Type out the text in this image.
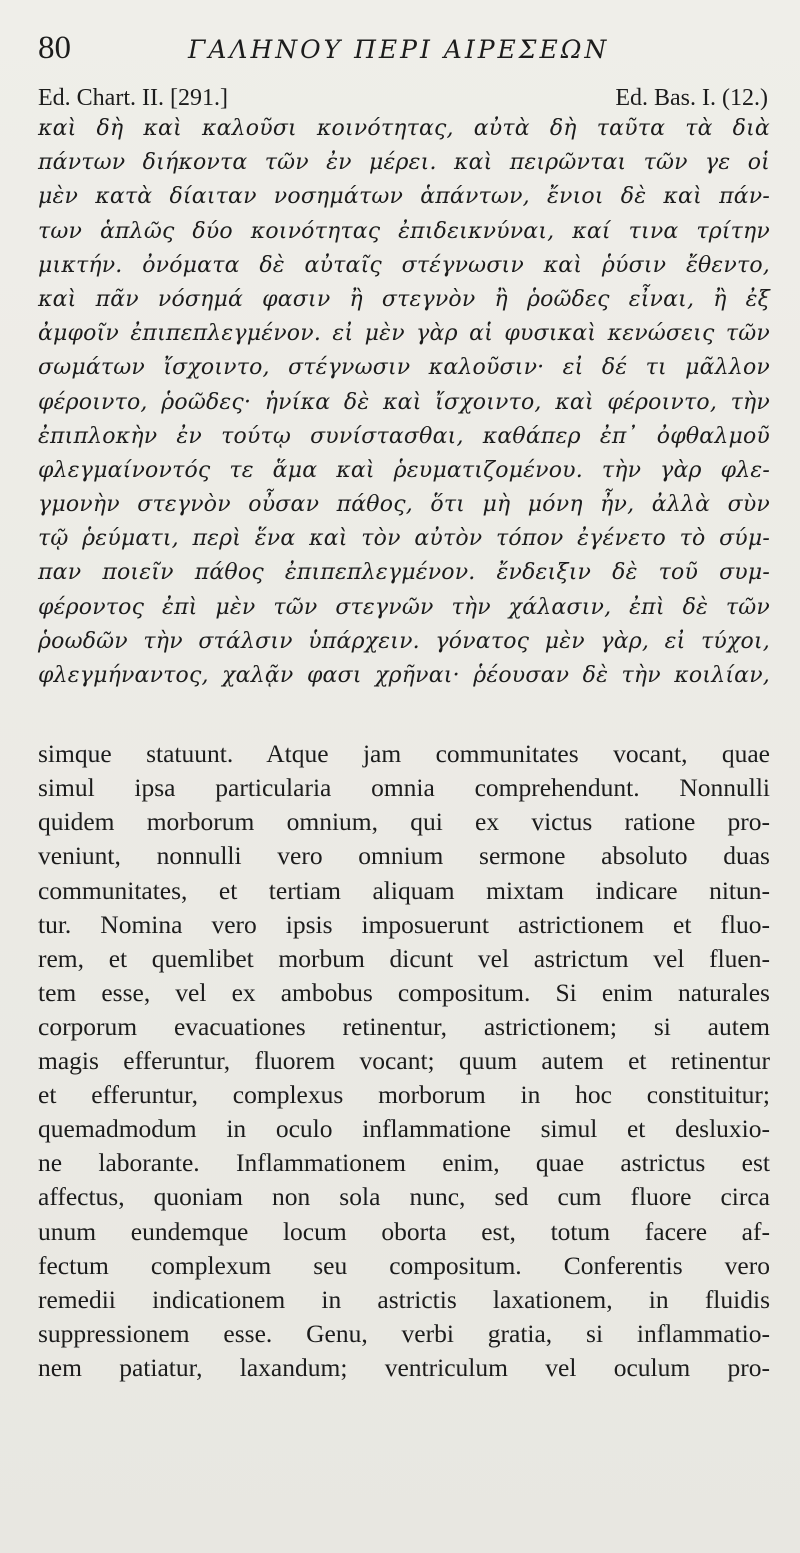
80	ΓΑΛΗΝΟΥ ΠΕΡΙ ΑΙΡΕΣΕΩΝ
Ed. Chart. II. [291.]	Ed. Bas. I. (12.)
καὶ δὴ καὶ καλοῦσι κοινότητας, αὐτὰ δὴ ταῦτα τὰ διὰ
πάντων διήκοντα τῶν ἐν μέρει. καὶ πειρῶνται τῶν γε οἱ
μὲν κατὰ δίαιταν νοσημάτων ἁπάντων, ἔνιοι δὲ καὶ πάν-
των ἁπλῶς δύο κοινότητας ἐπιδεικνύναι, καί τινα τρίτην
μικτήν. ὀνόματα δὲ αὐταῖς στέγνωσιν καὶ ῥύσιν ἔθεντο,
καὶ πᾶν νόσημά φασιν ἢ στεγνὸν ἢ ῥοῶδες εἶναι, ἢ ἐξ
ἀμφοῖν ἐπιπεπλεγμένον. εἰ μὲν γὰρ αἱ φυσικαὶ κενώσεις τῶν
σωμάτων ἴσχοιντο, στέγνωσιν καλοῦσιν· εἰ δέ τι μᾶλλον
φέροιντο, ῥοῶδες· ἡνίκα δὲ καὶ ἴσχοιντο, καὶ φέροιντο, τὴν
ἐπιπλοκὴν ἐν τούτῳ συνίστασθαι, καθάπερ ἐπ᾽ ὀφθαλμοῦ
φλεγμαίνοντός τε ἅμα καὶ ῥευματιζομένου. τὴν γὰρ φλε-
γμονὴν στεγνὸν οὖσαν πάθος, ὅτι μὴ μόνη ἦν, ἀλλὰ σὺν
τῷ ῥεύματι, περὶ ἕνα καὶ τὸν αὐτὸν τόπον ἐγένετο τὸ σύμ-
παν ποιεῖν πάθος ἐπιπεπλεγμένον. ἔνδειξιν δὲ τοῦ συμ-
φέροντος ἐπὶ μὲν τῶν στεγνῶν τὴν χάλασιν, ἐπὶ δὲ τῶν
ῥοωδῶν τὴν στάλσιν ὑπάρχειν. γόνατος μὲν γὰρ, εἰ τύχοι,
φλεγμήναντος, χαλᾷν φασι χρῆναι· ῥέουσαν δὲ τὴν κοιλίαν,
simque statuunt. Atque jam communitates vocant, quae
simul ipsa particularia omnia comprehendunt. Nonnulli
quidem morborum omnium, qui ex victus ratione pro-
veniunt, nonnulli vero omnium sermone absoluto duas
communitates, et tertiam aliquam mixtam indicare nitun-
tur. Nomina vero ipsis imposuerunt astrictionem et fluo-
rem, et quemlibet morbum dicunt vel astrictum vel fluen-
tem esse, vel ex ambobus compositum. Si enim naturales
corporum evacuationes retinentur, astrictionem; si autem
magis efferuntur, fluorem vocant; quum autem et retinentur
et efferuntur, complexus morborum in hoc constituitur;
quemadmodum in oculo inflammatione simul et desluxio-
ne laborante. Inflammationem enim, quae astrictus est
affectus, quoniam non sola nunc, sed cum fluore circa
unum eundemque locum oborta est, totum facere af-
fectum complexum seu compositum. Conferentis vero
remedii indicationem in astrictis laxationem, in fluidis
suppressionem esse. Genu, verbi gratia, si inflammatio-
nem patiatur, laxandum; ventriculum vel oculum pro-
